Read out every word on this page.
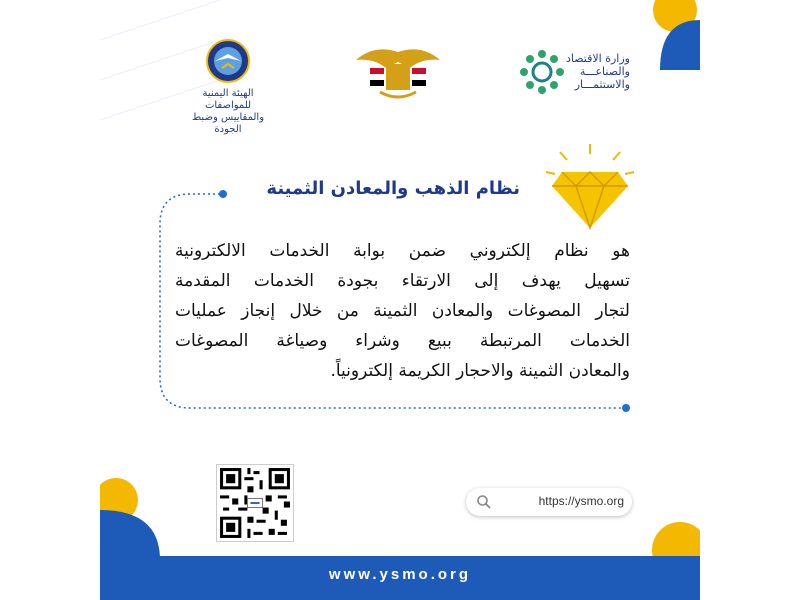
الهيئة اليمنية للمواصفات
والمقاييس وضبط الجودة
وزارة الاقتصاد
والصناعـــة
والاستثمـــار
نظام الذهب والمعادن الثمينة
هو نظام إلكتروني ضمن بوابة الخدمات الالكترونية
تسهيل يهدف إلى الارتقاء بجودة الخدمات المقدمة
لتجار المصوغات والمعادن الثمينة من خلال إنجاز عمليات
الخدمات المرتبطة ببيع وشراء وصياغة المصوغات
والمعادن الثمينة والاحجار الكريمة إلكترونياً.
https://ysmo.org
www.ysmo.org
